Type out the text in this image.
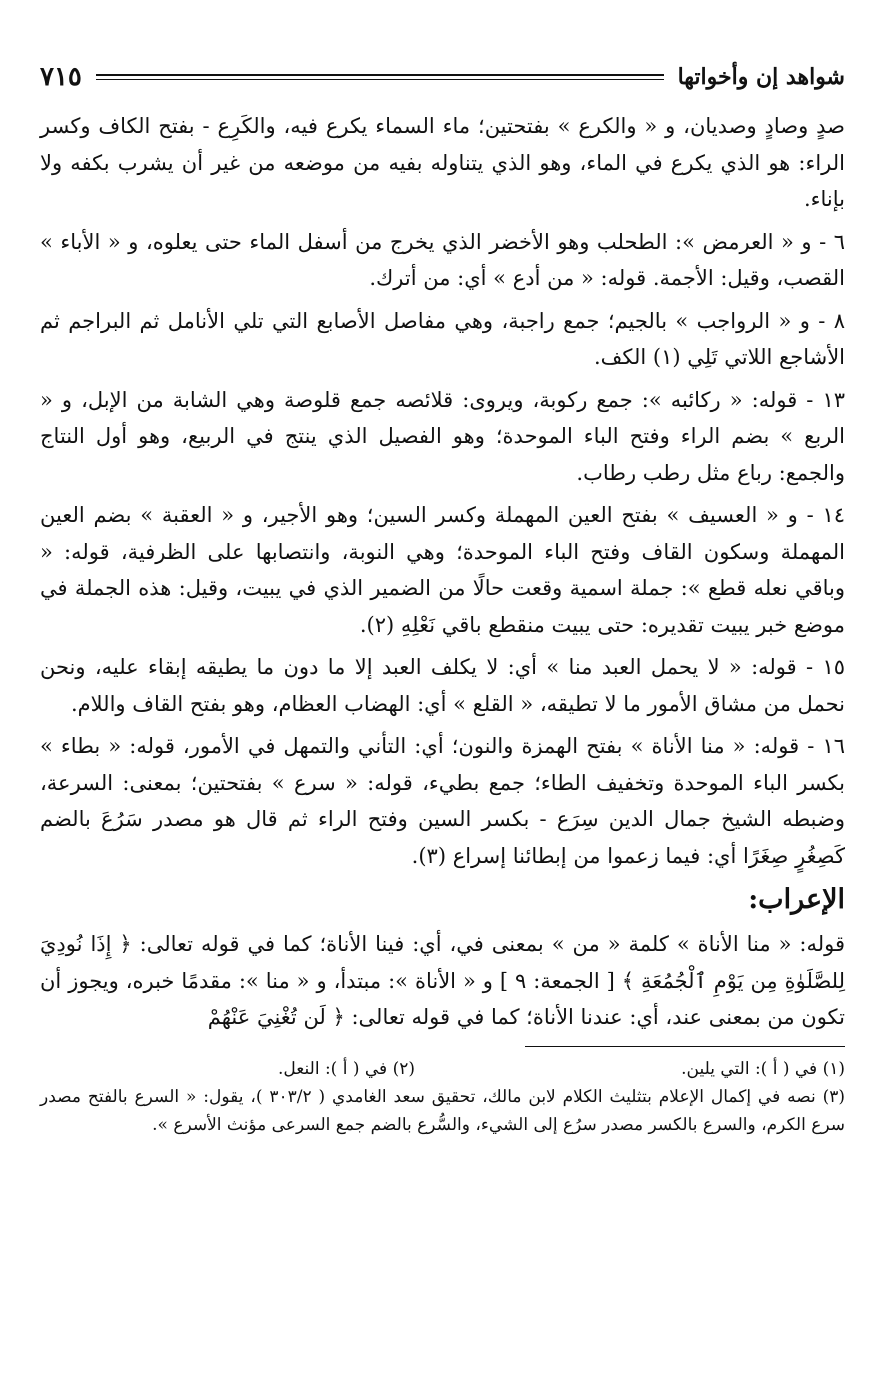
شواهد إن وأخواتها
٧١٥

صدٍ وصادٍ وصديان، و « والكرع » بفتحتين؛ ماء السماء يكرع فيه، والكَرِع - بفتح الكاف وكسر الراء: هو الذي يكرع في الماء، وهو الذي يتناوله بفيه من موضعه من غير أن يشرب بكفه ولا بإناء.

٦ - و « العرمض »: الطحلب وهو الأخضر الذي يخرج من أسفل الماء حتى يعلوه، و « الأباء » القصب، وقيل: الأجمة. قوله: « من أدع » أي: من أترك.

٨ - و « الرواجب » بالجيم؛ جمع راجبة، وهي مفاصل الأصابع التي تلي الأنامل ثم البراجم ثم الأشاجع اللاتي تَلِي (١) الكف.

١٣ - قوله: « ركائبه »: جمع ركوبة، ويروى: قلائصه جمع قلوصة وهي الشابة من الإبل، و « الربع » بضم الراء وفتح الباء الموحدة؛ وهو الفصيل الذي ينتج في الربيع، وهو أول النتاج والجمع: رباع مثل رطب رطاب.

١٤ - و « العسيف » بفتح العين المهملة وكسر السين؛ وهو الأجير، و « العقبة » بضم العين المهملة وسكون القاف وفتح الباء الموحدة؛ وهي النوبة، وانتصابها على الظرفية، قوله: « وباقي نعله قطع »: جملة اسمية وقعت حالًا من الضمير الذي في يبيت، وقيل: هذه الجملة في موضع خبر يبيت تقديره: حتى يبيت منقطع باقي نَعْلِهِ (٢).

١٥ - قوله: « لا يحمل العبد منا » أي: لا يكلف العبد إلا ما دون ما يطيقه إبقاء عليه، ونحن نحمل من مشاق الأمور ما لا تطيقه، « القلع » أي: الهضاب العظام، وهو بفتح القاف واللام.

١٦ - قوله: « منا الأناة » بفتح الهمزة والنون؛ أي: التأني والتمهل في الأمور، قوله: « بطاء » بكسر الباء الموحدة وتخفيف الطاء؛ جمع بطيء، قوله: « سرع » بفتحتين؛ بمعنى: السرعة، وضبطه الشيخ جمال الدين سِرَع - بكسر السين وفتح الراء ثم قال هو مصدر سَرُعَ بالضم كَصِغُرٍ صِغَرًا أي: فيما زعموا من إبطائنا إسراع (٣).

الإعراب:

قوله: « منا الأناة » كلمة « من » بمعنى في، أي: فينا الأناة؛ كما في قوله تعالى: ﴿ إِذَا نُودِيَ لِلصَّلَوٰةِ مِن يَوْمِ ٱلْجُمُعَةِ ﴾ [ الجمعة: ٩ ] و « الأناة »: مبتدأ، و « منا »: مقدمًا خبره، ويجوز أن تكون من بمعنى عند، أي: عندنا الأناة؛ كما في قوله تعالى: ﴿ لَن تُغْنِيَ عَنْهُمْ

(١) في ( أ ): التي يلين.
(٢) في ( أ ): النعل.

(٣) نصه في إكمال الإعلام بتثليث الكلام لابن مالك، تحقيق سعد الغامدي ( ٣٠٣/٢ )، يقول: « السرع بالفتح مصدر سرع الكرم، والسرع بالكسر مصدر سرُع إلى الشيء، والسُّرع بالضم جمع السرعى مؤنث الأسرع ».
